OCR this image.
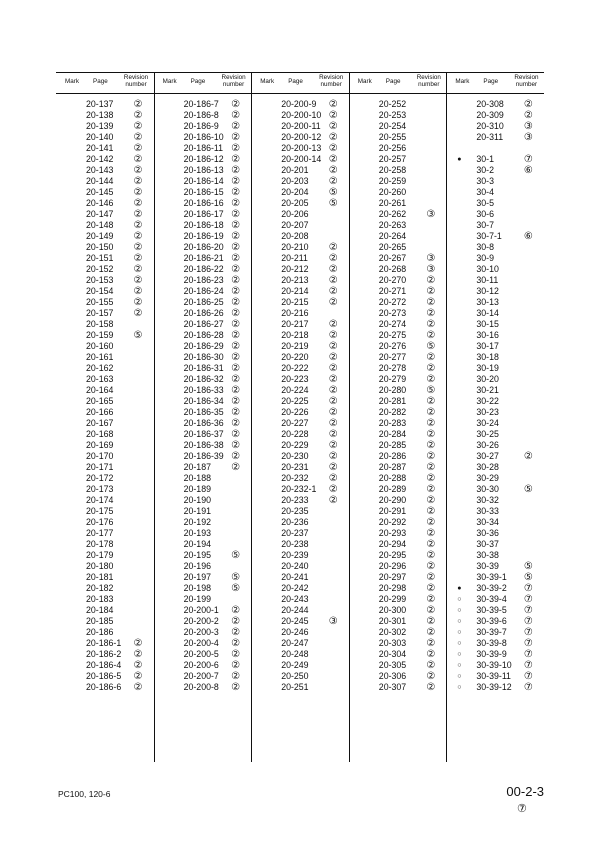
Mark Page
Revision
number
20-137 ②
20-138 ②
20-139 ②
20-140 ②
20-141 ②
20-142 ②
20-143 ②
20-144 ②
20-145 ②
20-146 ②
20-147 ②
20-148 ②
20-149 ②
20-150 ②
20-151 ②
20-152 ②
20-153 ②
20-154 ②
20-155 ②
20-157 ②
20-158
20-159 ⑤
20-160
20-161
20-162
20-163
20-164
20-165
20-166
20-167
20-168
20-169
20-170
20-171
20-172
20-173
20-174
20-175
20-176
20-177
20-178
20-179
20-180
20-181
20-182
20-183
20-184
20-185
20-186
20-186-1 ②
20-186-2 ②
20-186-4 ②
20-186-5 ②
20-186-6 ②
Mark Page
Revision
number
20-186-7 ②
20-186-8 ②
20-186-9 ②
20-186-10 ②
20-186-11 ②
20-186-12 ②
20-186-13 ②
20-186-14 ②
20-186-15 ②
20-186-16 ②
20-186-17 ②
20-186-18 ②
20-186-19 ②
20-186-20 ②
20-186-21 ②
20-186-22 ②
20-186-23 ②
20-186-24 ②
20-186-25 ②
20-186-26 ②
20-186-27 ②
20-186-28 ②
20-186-29 ②
20-186-30 ②
20-186-31 ②
20-186-32 ②
20-186-33 ②
20-186-34 ②
20-186-35 ②
20-186-36 ②
20-186-37 ②
20-186-38 ②
20-186-39 ②
20-187 ②
20-188
20-189
20-190
20-191
20-192
20-193
20-194
20-195 ⑤
20-196
20-197 ⑤
20-198 ⑤
20-199
20-200-1 ②
20-200-2 ②
20-200-3 ②
20-200-4 ②
20-200-5 ②
20-200-6 ②
20-200-7 ②
20-200-8 ②
Mark Page
Revision
number
20-200-9 ②
20-200-10 ②
20-200-11 ②
20-200-12 ②
20-200-13 ②
20-200-14 ②
20-201 ②
20-203 ②
20-204 ⑤
20-205 ⑤
20-206
20-207
20-208
20-210 ②
20-211 ②
20-212 ②
20-213 ②
20-214 ②
20-215 ②
20-216
20-217 ②
20-218 ②
20-219 ②
20-220 ②
20-222 ②
20-223 ②
20-224 ②
20-225 ②
20-226 ②
20-227 ②
20-228 ②
20-229 ②
20-230 ②
20-231 ②
20-232 ②
20-232-1 ②
20-233 ②
20-235
20-236
20-237
20-238
20-239
20-240
20-241
20-242
20-243
20-244
20-245 ③
20-246
20-247
20-248
20-249
20-250
20-251
Mark Page
Revision
number
20-252
20-253
20-254
20-255
20-256
20-257
20-258
20-259
20-260
20-261
20-262 ③
20-263
20-264
20-265
20-267 ③
20-268 ③
20-270 ②
20-271 ②
20-272 ②
20-273 ②
20-274 ②
20-275 ②
20-276 ⑤
20-277 ②
20-278 ②
20-279 ②
20-280 ⑤
20-281 ②
20-282 ②
20-283 ②
20-284 ②
20-285 ②
20-286 ②
20-287 ②
20-288 ②
20-289 ②
20-290 ②
20-291 ②
20-292 ②
20-293 ②
20-294 ②
20-295 ②
20-296 ②
20-297 ②
20-298 ②
20-299 ②
20-300 ②
20-301 ②
20-302 ②
20-303 ②
20-304 ②
20-305 ②
20-306 ②
20-307 ②
Mark Page
Revision
number
20-308 ②
20-309 ②
20-310 ③
20-311 ③
●	30-1	⑦
30-2	⑥
30-3
30-4
30-5
30-6
30-7
30-7-1 ⑥
30-8
30-9
30-10
30-11
30-12
30-13
30-14
30-15
30-16
30-17
30-18
30-19
30-20
30-21
30-22
30-23
30-24
30-25
30-26
30-27	②
30-28
30-29
30-30	⑤
30-32
30-33
30-34
30-36
30-37
30-38
30-39	⑤
30-39-1 ⑤
●	30-39-2 ⑦
○	30-39-4 ⑦
○	30-39-5 ⑦
○	30-39-6 ⑦
○	30-39-7 ⑦
○	30-39-8 ⑦
○	30-39-9 ⑦
○	30-39-10 ⑦
○	30-39-11 ⑦
○	30-39-12 ⑦
PC100, 120-6	00-2-3
⑦
